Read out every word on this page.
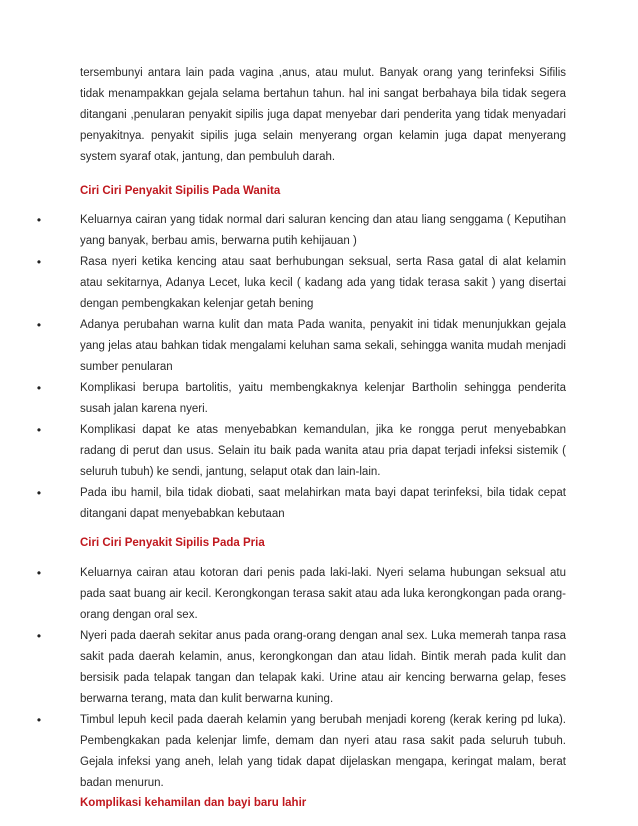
tersembunyi antara lain pada vagina ,anus, atau mulut. Banyak orang yang terinfeksi Sifilis tidak menampakkan gejala selama bertahun tahun. hal ini sangat berbahaya bila tidak segera ditangani ,penularan penyakit sipilis juga dapat menyebar dari penderita yang tidak menyadari penyakitnya. penyakit sipilis juga selain menyerang organ kelamin juga dapat menyerang system syaraf otak, jantung, dan pembuluh darah.

Ciri Ciri Penyakit Sipilis Pada Wanita
•	Keluarnya cairan yang tidak normal dari saluran kencing dan atau liang senggama ( Keputihan yang banyak, berbau amis, berwarna putih kehijauan )
•	Rasa nyeri ketika kencing atau saat berhubungan seksual, serta Rasa gatal di alat kelamin atau sekitarnya, Adanya Lecet, luka kecil ( kadang ada yang tidak terasa sakit ) yang disertai dengan pembengkakan kelenjar getah bening
•	Adanya perubahan warna kulit dan mata Pada wanita, penyakit ini tidak menunjukkan gejala yang jelas atau bahkan tidak mengalami keluhan sama sekali, sehingga wanita mudah menjadi sumber penularan
•	Komplikasi berupa bartolitis, yaitu membengkaknya kelenjar Bartholin sehingga penderita susah jalan karena nyeri.
•	Komplikasi dapat ke atas menyebabkan kemandulan, jika ke rongga perut menyebabkan radang di perut dan usus. Selain itu baik pada wanita atau pria dapat terjadi infeksi sistemik ( seluruh tubuh) ke sendi, jantung, selaput otak dan lain-lain.
•	Pada ibu hamil, bila tidak diobati, saat melahirkan mata bayi dapat terinfeksi, bila tidak cepat ditangani dapat menyebabkan kebutaan
Ciri Ciri Penyakit Sipilis Pada Pria
•	Keluarnya cairan atau kotoran dari penis pada laki-laki. Nyeri selama hubungan seksual atu pada saat buang air kecil. Kerongkongan terasa sakit atau ada luka kerongkongan pada orang-orang dengan oral sex.
•	Nyeri pada daerah sekitar anus pada orang-orang dengan anal sex. Luka memerah tanpa rasa sakit pada daerah kelamin, anus, kerongkongan dan atau lidah. Bintik merah pada kulit dan bersisik pada telapak tangan dan telapak kaki. Urine atau air kencing berwarna gelap, feses berwarna terang, mata dan kulit berwarna kuning.
•	Timbul lepuh kecil pada daerah kelamin yang berubah menjadi koreng (kerak kering pd luka). Pembengkakan pada kelenjar limfe, demam dan nyeri atau rasa sakit pada seluruh tubuh. Gejala infeksi yang aneh, lelah yang tidak dapat dijelaskan mengapa, keringat malam, berat badan menurun.
Komplikasi kehamilan dan bayi baru lahir
